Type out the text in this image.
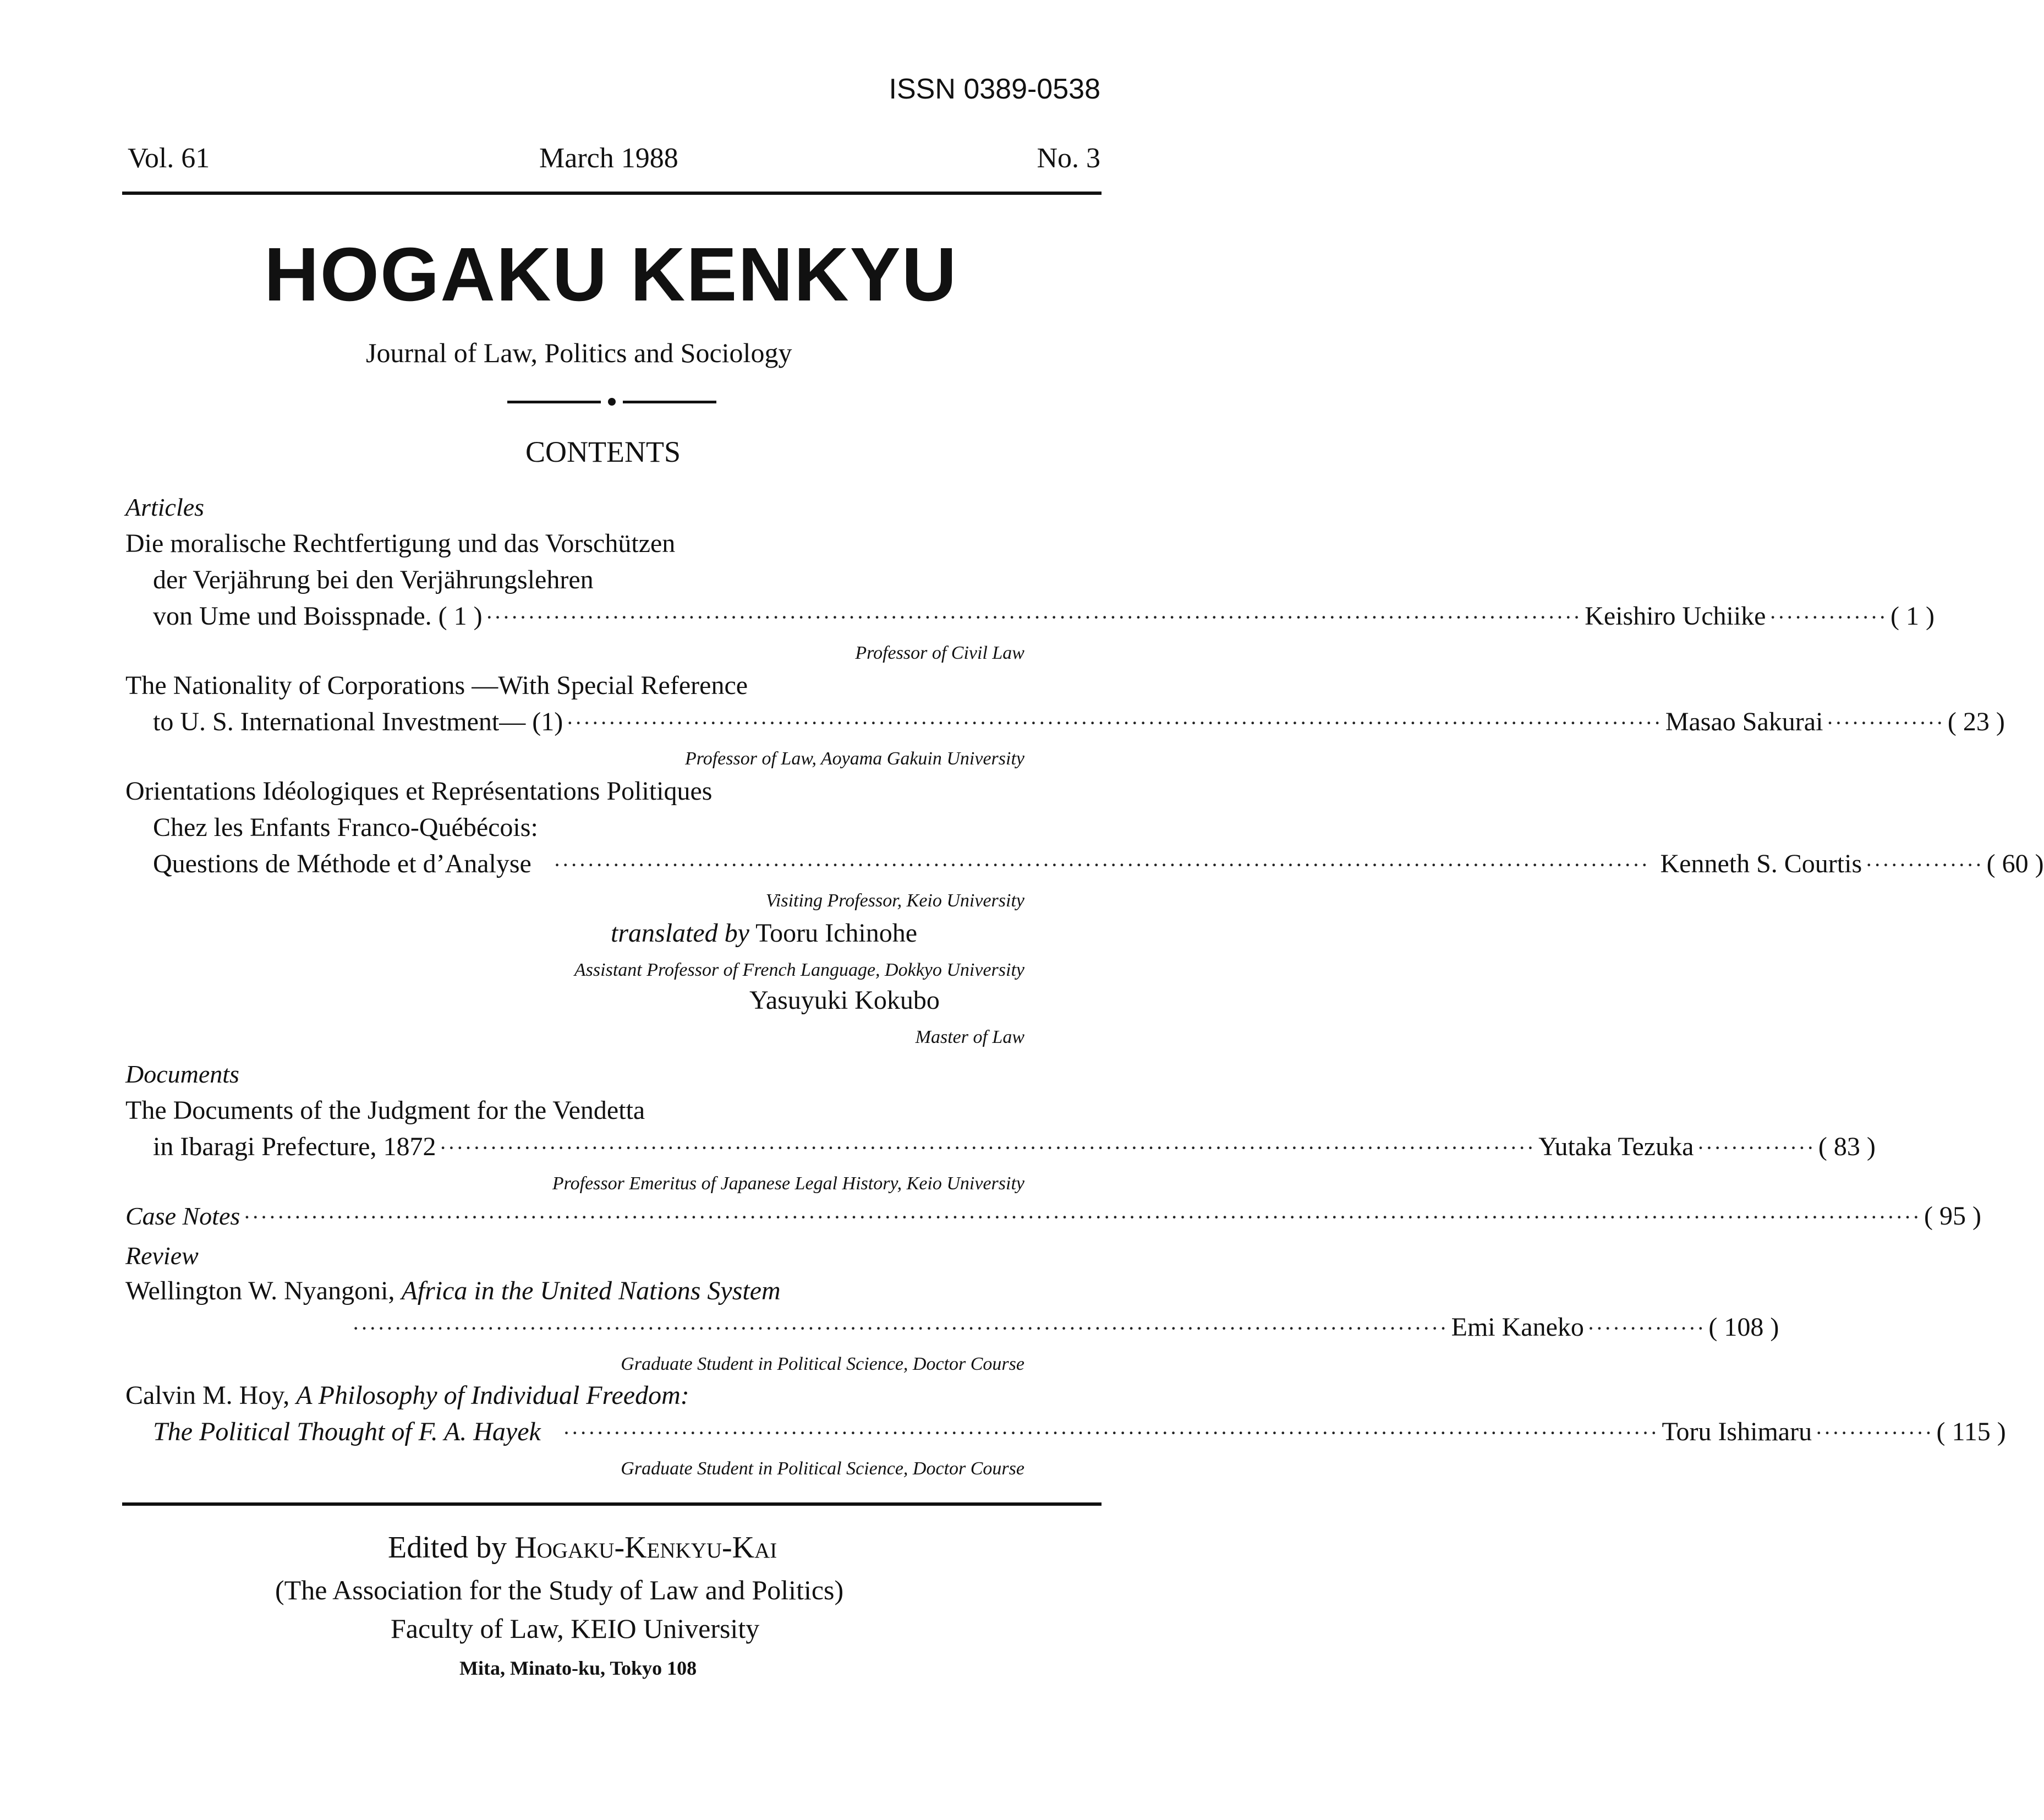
ISSN 0389-0538
Vol. 61	March 1988	No. 3
HOGAKU KENKYU
Journal of Law, Politics and Sociology
CONTENTS
Articles
Die moralische Rechtfertigung und das Vorschützen
der Verjährung bei den Verjährungslehren
von Ume und Boisspnade. ( 1 ) ·································································································································· Keishiro Uchiike ·············· ( 1 )
Professor of Civil Law
The Nationality of Corporations —With Special Reference
to U. S. International Investment— (1) ·································································································································· Masao Sakurai ·············· ( 23 )
Professor of Law, Aoyama Gakuin University
Orientations Idéologiques et Représentations Politiques
Chez les Enfants Franco-Québécois:
Questions de Méthode et d’Analyse ·································································································································· Kenneth S. Courtis ·············· ( 60 )
Visiting Professor, Keio University
translated by Tooru Ichinohe
Assistant Professor of French Language, Dokkyo University
Yasuyuki Kokubo
Master of Law
Documents
The Documents of the Judgment for the Vendetta
in Ibaragi Prefecture, 1872 ·································································································································· Yutaka Tezuka ·············· ( 83 )
Professor Emeritus of Japanese Legal History, Keio University
Case Notes ······································································································································································································· ( 95 )
Review
Wellington W. Nyangoni, Africa in the United Nations System
·································································································································· Emi Kaneko ·············· ( 108 )
Graduate Student in Political Science, Doctor Course
Calvin M. Hoy, A Philosophy of Individual Freedom:
The Political Thought of F. A. Hayek ·································································································································· Toru Ishimaru ·············· ( 115 )
Graduate Student in Political Science, Doctor Course
Edited by Hogaku-Kenkyu-Kai
(The Association for the Study of Law and Politics)
Faculty of Law, KEIO University
Mita, Minato-ku, Tokyo 108
